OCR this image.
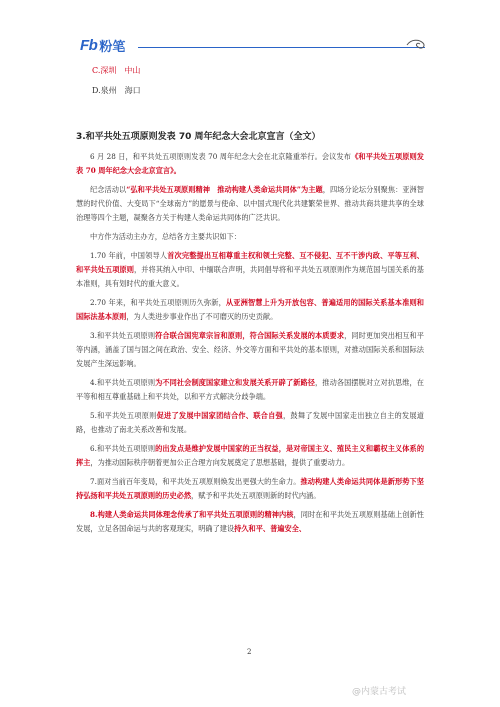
Fb 粉笔
C.深圳　中山
D.泉州　海口
3.和平共处五项原则发表 70 周年纪念大会北京宣言（全文）

6 月 28 日，和平共处五项原则发表 70 周年纪念大会在北京隆重举行。会议发布《和平共处五项原则发表 70 周年纪念大会北京宣言》。

纪念活动以“弘和平共处五项原则精神　推动构建人类命运共同体”为主题，四场分论坛分别聚焦：亚洲智慧的时代价值、大变局下“全球南方”的愿景与使命、以中国式现代化共建繁荣世界、推动共商共建共享的全球治理等四个主题，凝聚各方关于构建人类命运共同体的广泛共识。

中方作为活动主办方，总结各方主要共识如下：

1.70 年前，中国领导人首次完整提出互相尊重主权和领土完整、互不侵犯、互不干涉内政、平等互利、和平共处五项原则，并将其纳入中印、中缅联合声明，共同倡导将和平共处五项原则作为规范国与国关系的基本准则，具有划时代的重大意义。

2.70 年来，和平共处五项原则历久弥新，从亚洲智慧上升为开放包容、普遍适用的国际关系基本准则和国际法基本原则，为人类进步事业作出了不可磨灭的历史贡献。

3.和平共处五项原则符合联合国宪章宗旨和原则，符合国际关系发展的本质要求，同时更加突出相互和平等内涵，涵盖了国与国之间在政治、安全、经济、外交等方面和平共处的基本原则，对推动国际关系和国际法发展产生深远影响。

4.和平共处五项原则为不同社会制度国家建立和发展关系开辟了新路径，推动各国摆脱对立对抗思维，在平等和相互尊重基础上和平共处，以和平方式解决分歧争端。

5.和平共处五项原则促进了发展中国家团结合作、联合自强，鼓舞了发展中国家走出独立自主的发展道路，也推动了南北关系改善和发展。

6.和平共处五项原则的出发点是维护发展中国家的正当权益，是对帝国主义、殖民主义和霸权主义体系的挥主，为推动国际秩序朝着更加公正合理方向发展奠定了思想基础，提供了重要动力。

7.面对当前百年变局，和平共处五项原则焕发出更强大的生命力。推动构建人类命运共同体是新形势下坚持弘扬和平共处五项原则的历史必然，赋予和平共处五项原则新的时代内涵。

8.构建人类命运共同体理念传承了和平共处五项原则的精神内核，同时在和平共处五项原则基础上创新性发展，立足各国命运与共的客观现实，明确了建设持久和平、普遍安全、

2
@内蒙古考试
